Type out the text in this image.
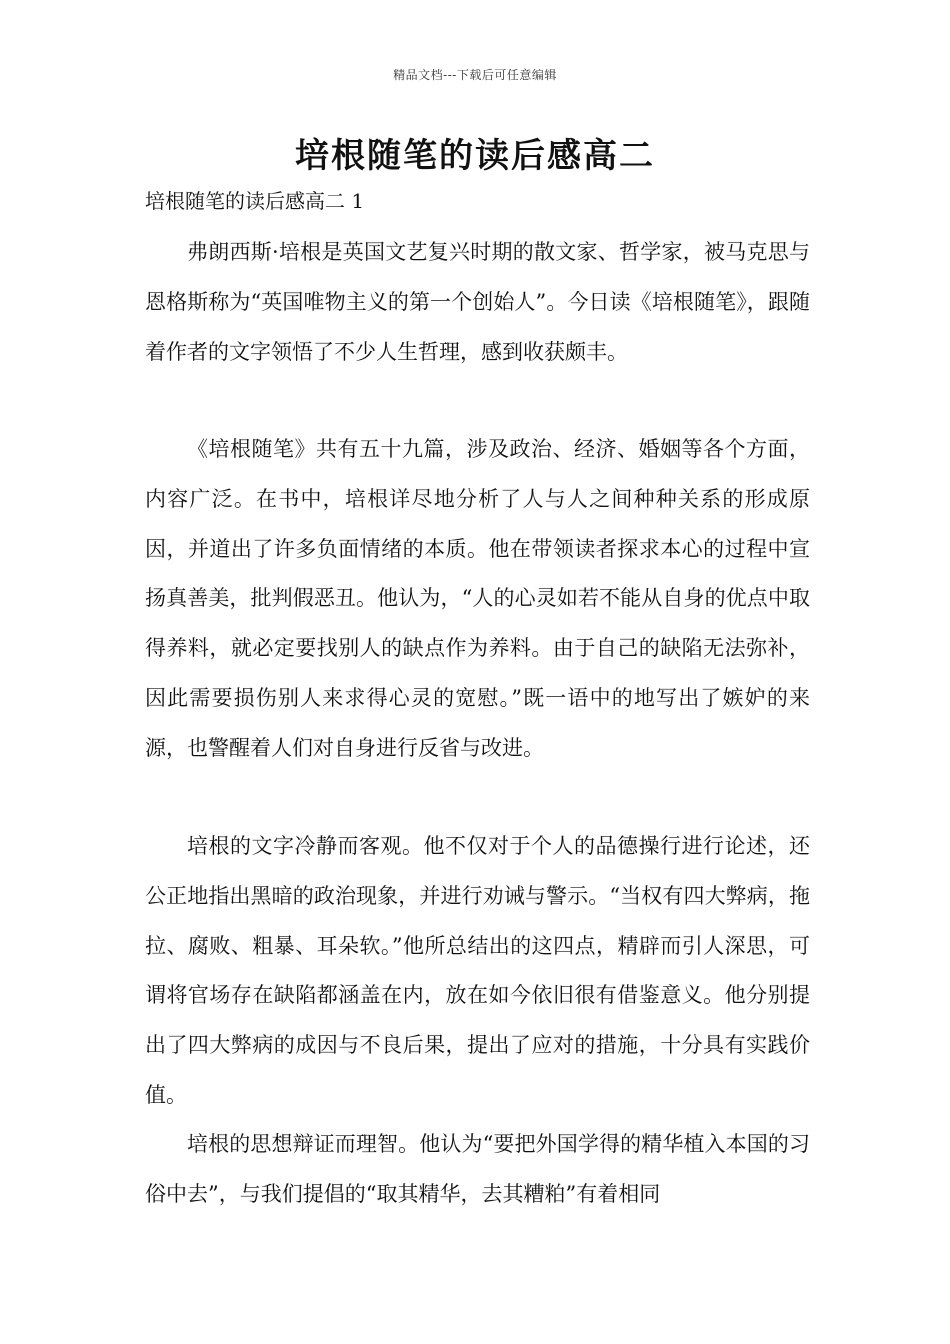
精品文档---下载后可任意编辑
培根随笔的读后感高二
培根随笔的读后感高二 1

弗朗西斯·培根是英国文艺复兴时期的散文家、哲学家，被马克思与恩格斯称为“英国唯物主义的第一个创始人”。今日读《培根随笔》，跟随着作者的文字领悟了不少人生哲理，感到收获颇丰。

《培根随笔》共有五十九篇，涉及政治、经济、婚姻等各个方面，内容广泛。在书中，培根详尽地分析了人与人之间种种关系的形成原因，并道出了许多负面情绪的本质。他在带领读者探求本心的过程中宣扬真善美，批判假恶丑。他认为，“人的心灵如若不能从自身的优点中取得养料，就必定要找别人的缺点作为养料。由于自己的缺陷无法弥补，因此需要损伤别人来求得心灵的宽慰。”既一语中的地写出了嫉妒的来源，也警醒着人们对自身进行反省与改进。

培根的文字冷静而客观。他不仅对于个人的品德操行进行论述，还公正地指出黑暗的政治现象，并进行劝诫与警示。“当权有四大弊病，拖拉、腐败、粗暴、耳朵软。”他所总结出的这四点，精辟而引人深思，可谓将官场存在缺陷都涵盖在内，放在如今依旧很有借鉴意义。他分别提出了四大弊病的成因与不良后果，提出了应对的措施，十分具有实践价值。

培根的思想辩证而理智。他认为“要把外国学得的精华植入本国的习俗中去”，与我们提倡的“取其精华，去其糟粕”有着相同
